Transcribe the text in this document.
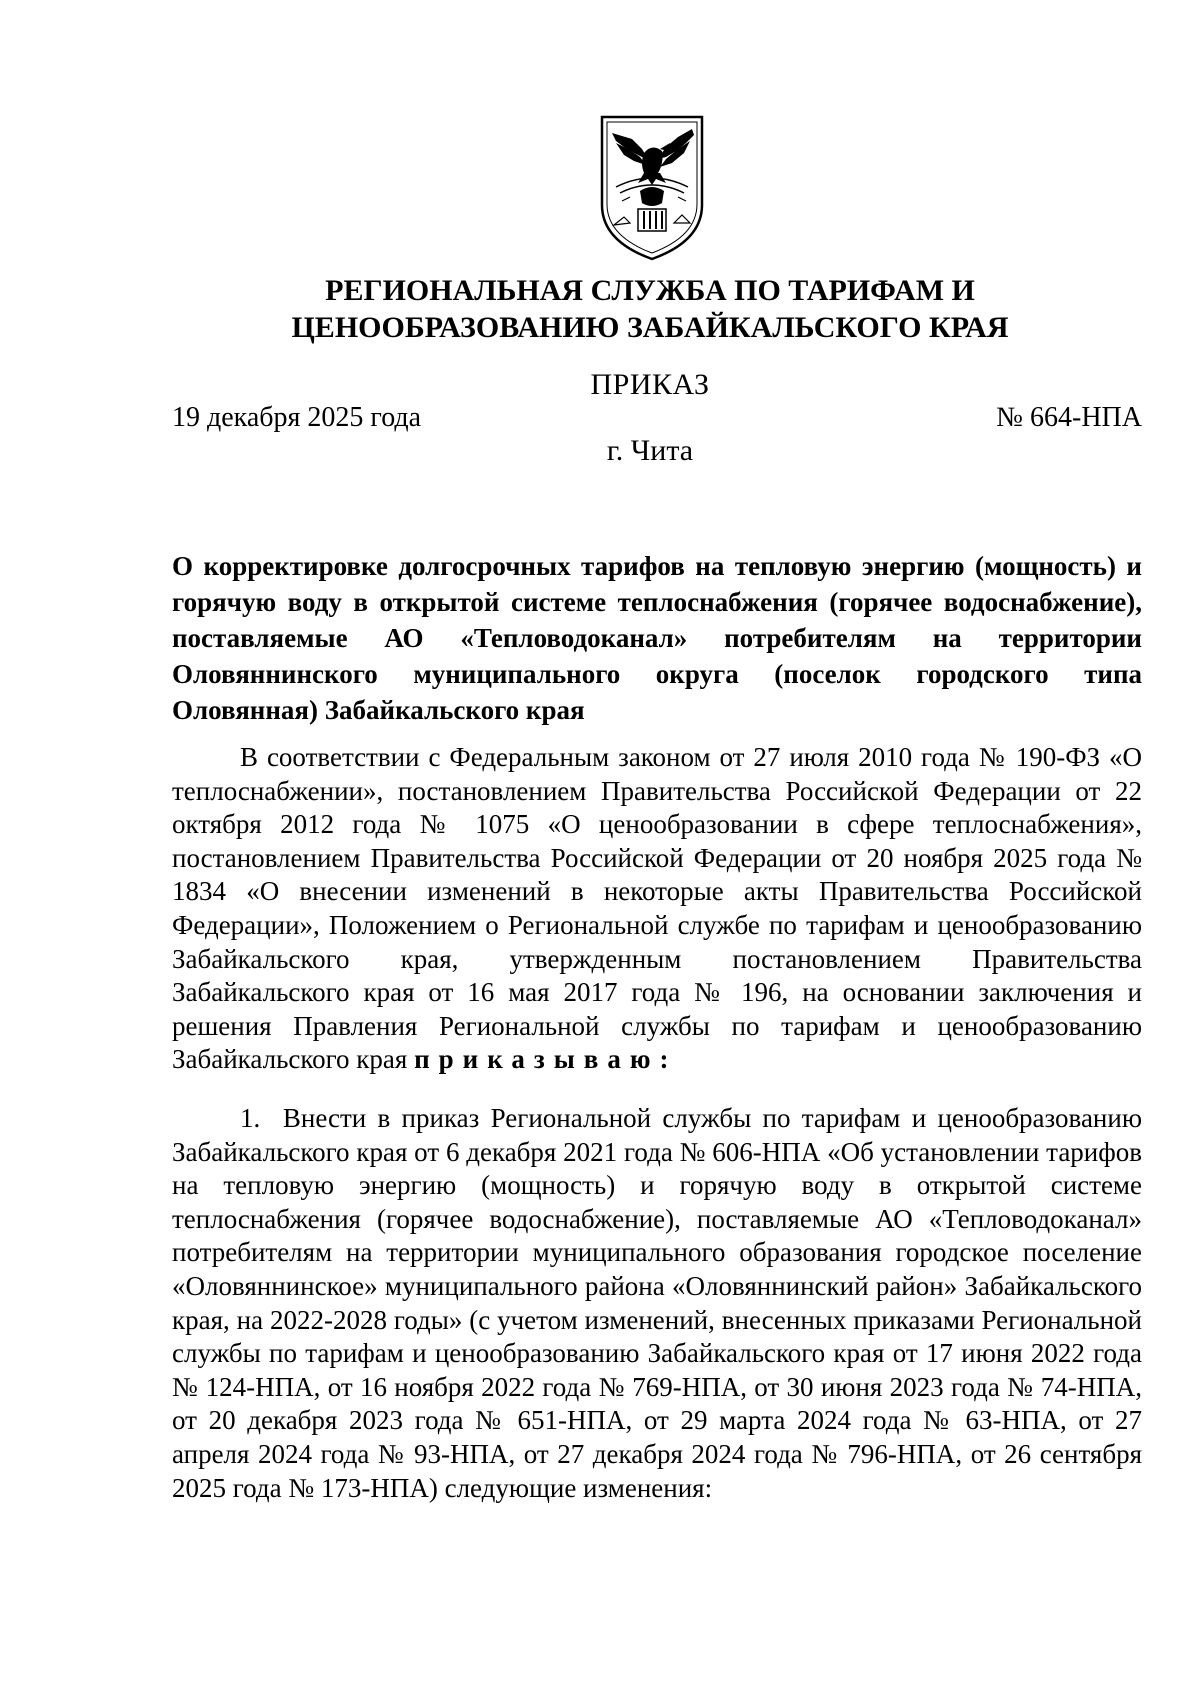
РЕГИОНАЛЬНАЯ СЛУЖБА ПО ТАРИФАМ И
ЦЕНООБРАЗОВАНИЮ ЗАБАЙКАЛЬСКОГО КРАЯ
ПРИКАЗ
19 декабря 2025 года	№ 664-НПА
г. Чита
О корректировке долгосрочных тарифов на тепловую энергию (мощность) и горячую воду в открытой системе теплоснабжения (горячее водоснабжение), поставляемые АО «Тепловодоканал» потребителям на территории Оловяннинского муниципального округа (поселок городского типа Оловянная) Забайкальского края
В соответствии с Федеральным законом от 27 июля 2010 года № 190-ФЗ «О теплоснабжении», постановлением Правительства Российской Федерации от 22 октября 2012 года № 1075 «О ценообразовании в сфере теплоснабжения», постановлением Правительства Российской Федерации от 20 ноября 2025 года № 1834 «О внесении изменений в некоторые акты Правительства Российской Федерации», Положением о Региональной службе по тарифам и ценообразованию Забайкальского края, утвержденным постановлением Правительства Забайкальского края от 16 мая 2017 года № 196, на основании заключения и решения Правления Региональной службы по тарифам и ценообразованию Забайкальского края приказываю:
1. Внести в приказ Региональной службы по тарифам и ценообразованию Забайкальского края от 6 декабря 2021 года № 606-НПА «Об установлении тарифов на тепловую энергию (мощность) и горячую воду в открытой системе теплоснабжения (горячее водоснабжение), поставляемые АО «Тепловодоканал» потребителям на территории муниципального образования городское поселение «Оловяннинское» муниципального района «Оловяннинский район» Забайкальского края, на 2022-2028 годы» (с учетом изменений, внесенных приказами Региональной службы по тарифам и ценообразованию Забайкальского края от 17 июня 2022 года № 124-НПА, от 16 ноября 2022 года № 769-НПА, от 30 июня 2023 года № 74-НПА, от 20 декабря 2023 года № 651-НПА, от 29 марта 2024 года № 63-НПА, от 27 апреля 2024 года № 93-НПА, от 27 декабря 2024 года № 796-НПА, от 26 сентября 2025 года № 173-НПА) следующие изменения:
